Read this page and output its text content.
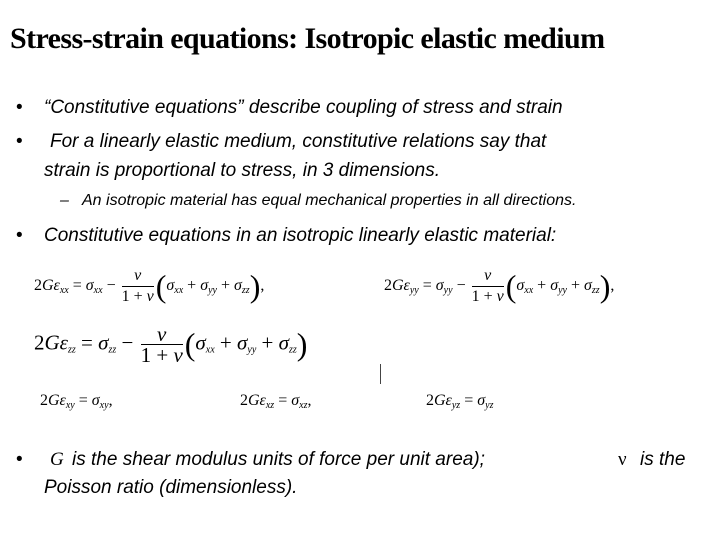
Stress-strain equations: Isotropic elastic medium
• “Constitutive equations” describe coupling of stress and strain
• For a linearly elastic medium, constitutive relations say that
strain is proportional to stress, in 3 dimensions.
– An isotropic material has equal mechanical properties in all directions.
• Constitutive equations in an isotropic linearly elastic material:
$2G\varepsilon_{xx} = \sigma_{xx} - \frac{\nu}{1 + \nu} (\sigma_{xx} + \sigma_{yy} + \sigma_{zz})$,	$2G\varepsilon_{yy} = \sigma_{yy} - \frac{\nu}{1 + \nu} (\sigma_{xx} + \sigma_{yy} + \sigma_{zz})$,
$2G\varepsilon_{zz} = \sigma_{zz} - \frac{\nu}{1 + \nu} (\sigma_{xx} + \sigma_{yy} + \sigma_{zz})$
$2G\varepsilon_{xy} = \sigma_{xy}$,	$2G\varepsilon_{xz} = \sigma_{xz}$,	$2G\varepsilon_{yz} = \sigma_{yz}$
• G is the shear modulus units of force per unit area);	ν is the
Poisson ratio (dimensionless).
